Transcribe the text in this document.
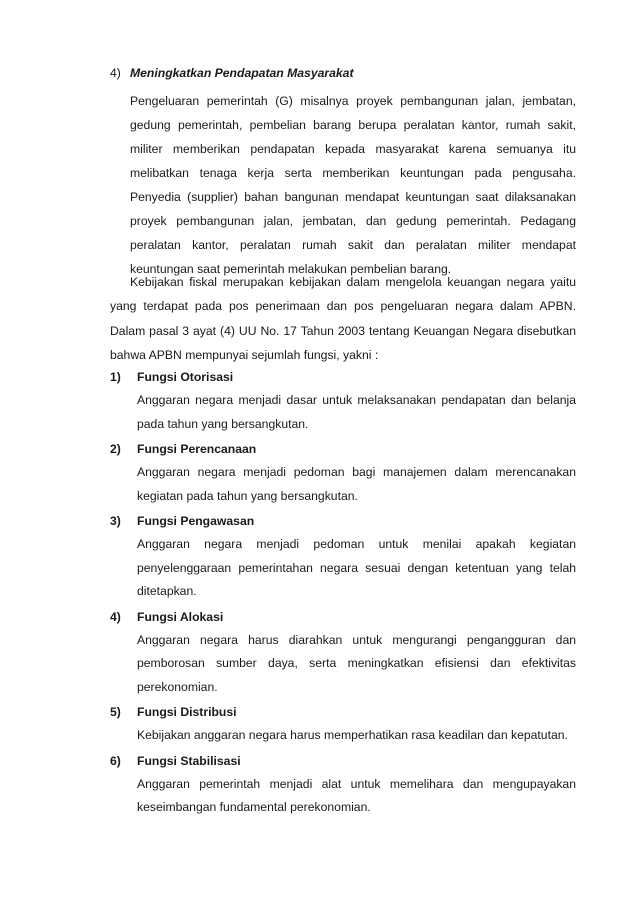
4) Meningkatkan Pendapatan Masyarakat
Pengeluaran pemerintah (G) misalnya proyek pembangunan jalan, jembatan, gedung pemerintah, pembelian barang berupa peralatan kantor, rumah sakit, militer memberikan pendapatan kepada masyarakat karena semuanya itu melibatkan tenaga kerja serta memberikan keuntungan pada pengusaha. Penyedia (supplier) bahan bangunan mendapat keuntungan saat dilaksanakan proyek pembangunan jalan, jembatan, dan gedung pemerintah. Pedagang peralatan kantor, peralatan rumah sakit dan peralatan militer mendapat keuntungan saat pemerintah melakukan pembelian barang.
Kebijakan fiskal merupakan kebijakan dalam mengelola keuangan negara yaitu yang terdapat pada pos penerimaan dan pos pengeluaran negara dalam APBN. Dalam pasal 3 ayat (4) UU No. 17 Tahun 2003 tentang Keuangan Negara disebutkan bahwa APBN mempunyai sejumlah fungsi, yakni :
1)	Fungsi Otorisasi
Anggaran negara menjadi dasar untuk melaksanakan pendapatan dan belanja pada tahun yang bersangkutan.
2)	Fungsi Perencanaan
Anggaran negara menjadi pedoman bagi manajemen dalam merencanakan kegiatan pada tahun yang bersangkutan.
3)	Fungsi Pengawasan
Anggaran negara menjadi pedoman untuk menilai apakah kegiatan penyelenggaraan pemerintahan negara sesuai dengan ketentuan yang telah ditetapkan.
4)	Fungsi Alokasi
Anggaran negara harus diarahkan untuk mengurangi pengangguran dan pemborosan sumber daya, serta meningkatkan efisiensi dan efektivitas perekonomian.
5)	Fungsi Distribusi
Kebijakan anggaran negara harus memperhatikan rasa keadilan dan kepatutan.
6)	Fungsi Stabilisasi
Anggaran pemerintah menjadi alat untuk memelihara dan mengupayakan keseimbangan fundamental perekonomian.
